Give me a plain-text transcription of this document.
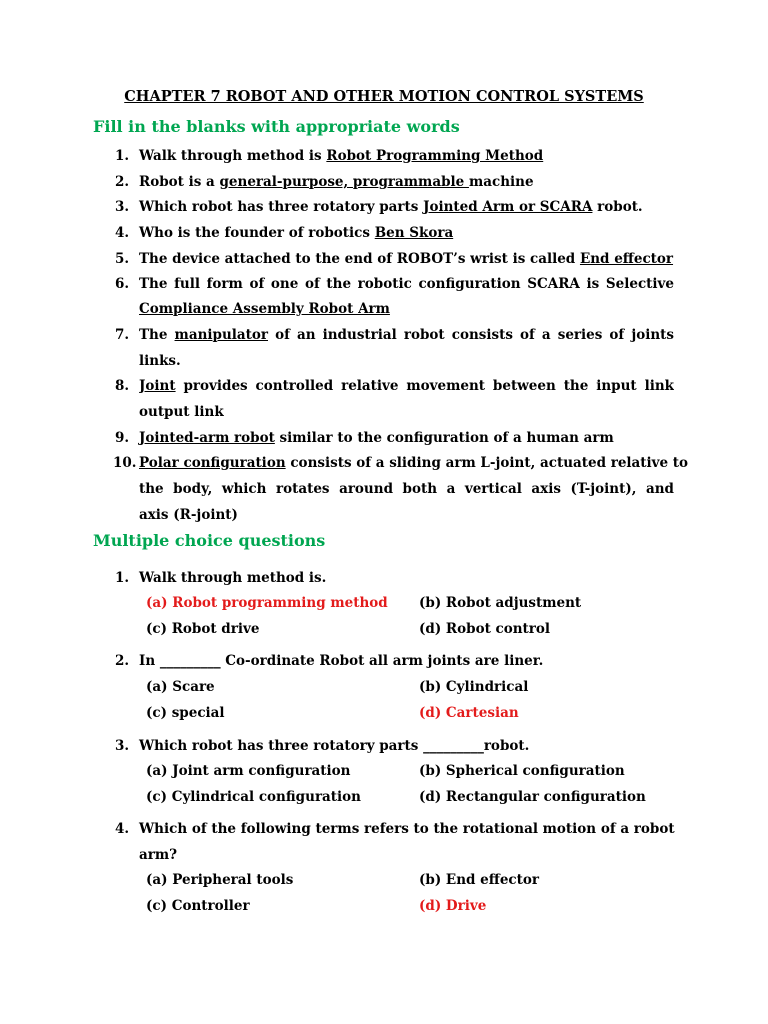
CHAPTER 7 ROBOT AND OTHER MOTION CONTROL SYSTEMS
Fill in the blanks with appropriate words
1. Walk through method is Robot Programming Method
2. Robot is a general-purpose, programmable machine
3. Which robot has three rotatory parts Jointed Arm or SCARA robot.
4. Who is the founder of robotics Ben Skora
5. The device attached to the end of ROBOT’s wrist is called End effector
6. The full form of one of the robotic configuration SCARA is Selective
Compliance Assembly Robot Arm
7. The manipulator of an industrial robot consists of a series of joints
links.
8. Joint provides controlled relative movement between the input link
output link
9. Jointed-arm robot similar to the configuration of a human arm
10. Polar configuration consists of a sliding arm L-joint, actuated relative to
the body, which rotates around both a vertical axis (T-joint), and
axis (R-joint)
Multiple choice questions
1. Walk through method is.
(a) Robot programming method (b) Robot adjustment
(c) Robot drive	(d) Robot control
2. In _________ Co-ordinate Robot all arm joints are liner.
(a) Scare	(b) Cylindrical
(c) special	(d) Cartesian
3. Which robot has three rotatory parts _________robot.
(a) Joint arm configuration	(b) Spherical configuration
(c) Cylindrical configuration	(d) Rectangular configuration
4. Which of the following terms refers to the rotational motion of a robot
arm?
(a) Peripheral tools	(b) End effector
(c) Controller	(d) Drive
